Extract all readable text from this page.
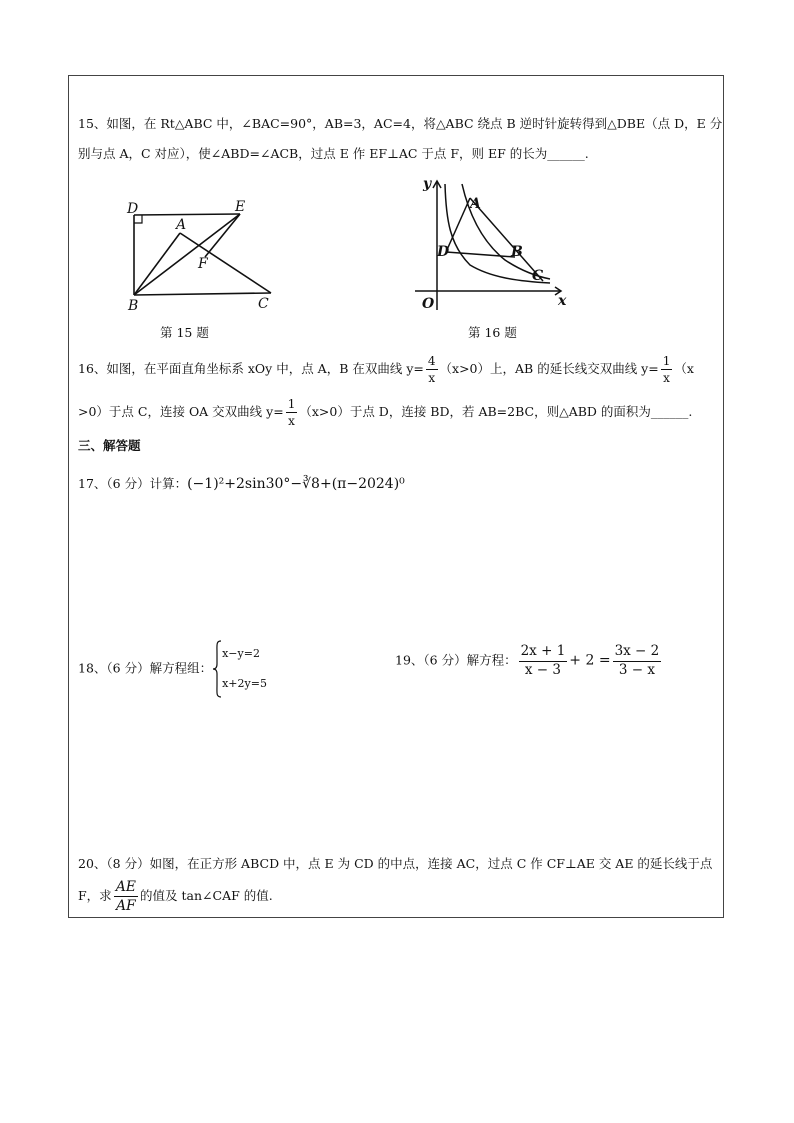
15、如图，在 Rt△ABC 中，∠BAC=90°，AB=3，AC=4，将△ABC 绕点 B 逆时针旋转得到△DBE（点 D，E 分
别与点 A，C 对应），使∠ABD=∠ACB，过点 E 作 EF⊥AC 于点 F，则 EF 的长为______.
D	E
A
F
B	C
第 15 题
y
x
O
A
B
C
D
第 16 题
16、如图，在平面直角坐标系 xOy 中，点 A，B 在双曲线 $y= \frac{4}{x} (x>0)$上，AB 的延长线交双曲线 $y= \frac{1}{x} (x$
>0）于点 C，连接 OA 交双曲线 $y= \frac{1}{x} (x>0)$于点 D，连接 BD，若 AB=2BC，则△ABD 的面积为______.
三、解答题
17、（6 分）计算：(−1)²+2sin30°−∛8+(π−2024)⁰
18、（6 分）解方程组：
x−y=2
x+2y=5
19、（6 分）解方程： $\frac{2x + 1}{x - 3} + 2 = \frac{3x - 2}{3 - x}$
20、（8 分）如图，在正方形 ABCD 中，点 E 为 CD 的中点，连接 AC，过点 C 作 CF⊥AE 交 AE 的延长线于点
F，求 $\frac{AE}{AF}$ 的值及 tan∠CAF 的值.
